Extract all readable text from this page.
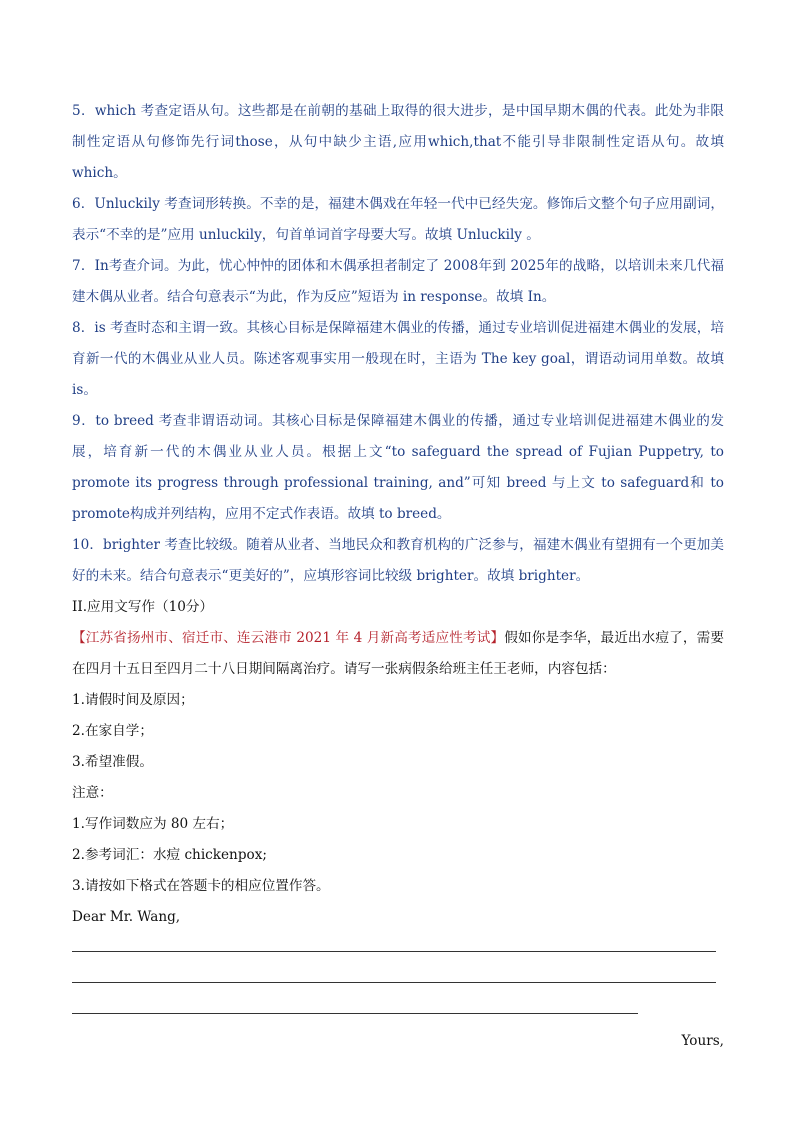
5．which 考查定语从句。这些都是在前朝的基础上取得的很大进步，是中国早期木偶的代表。此处为非限制性定语从句修饰先行词those，从句中缺少主语,应用which,that不能引导非限制性定语从句。故填 which。

6．Unluckily 考查词形转换。不幸的是，福建木偶戏在年轻一代中已经失宠。修饰后文整个句子应用副词，表示“不幸的是”应用 unluckily，句首单词首字母要大写。故填 Unluckily 。

7．In考查介词。为此，忧心忡忡的团体和木偶承担者制定了 2008年到 2025年的战略，以培训未来几代福建木偶从业者。结合句意表示“为此，作为反应”短语为 in response。故填 In。

8．is 考查时态和主谓一致。其核心目标是保障福建木偶业的传播，通过专业培训促进福建木偶业的发展，培育新一代的木偶业从业人员。陈述客观事实用一般现在时，主语为 The key goal，谓语动词用单数。故填is。

9．to breed 考查非谓语动词。其核心目标是保障福建木偶业的传播，通过专业培训促进福建木偶业的发展，培育新一代的木偶业从业人员。根据上文“to safeguard the spread of Fujian Puppetry, to promote its progress through professional training, and”可知 breed 与上文 to safeguard和 to promote构成并列结构，应用不定式作表语。故填 to breed。

10．brighter 考查比较级。随着从业者、当地民众和教育机构的广泛参与，福建木偶业有望拥有一个更加美好的未来。结合句意表示“更美好的”，应填形容词比较级 brighter。故填 brighter。

II.应用文写作（10分）

【江苏省扬州市、宿迁市、连云港市 2021 年 4 月新高考适应性考试】假如你是李华，最近出水痘了，需要在四月十五日至四月二十八日期间隔离治疗。请写一张病假条给班主任王老师，内容包括：

1.请假时间及原因；

2.在家自学；

3.希望准假。

注意：

1.写作词数应为 80 左右；

2.参考词汇：水痘 chickenpox;

3.请按如下格式在答题卡的相应位置作答。

Dear Mr. Wang,

Yours,
